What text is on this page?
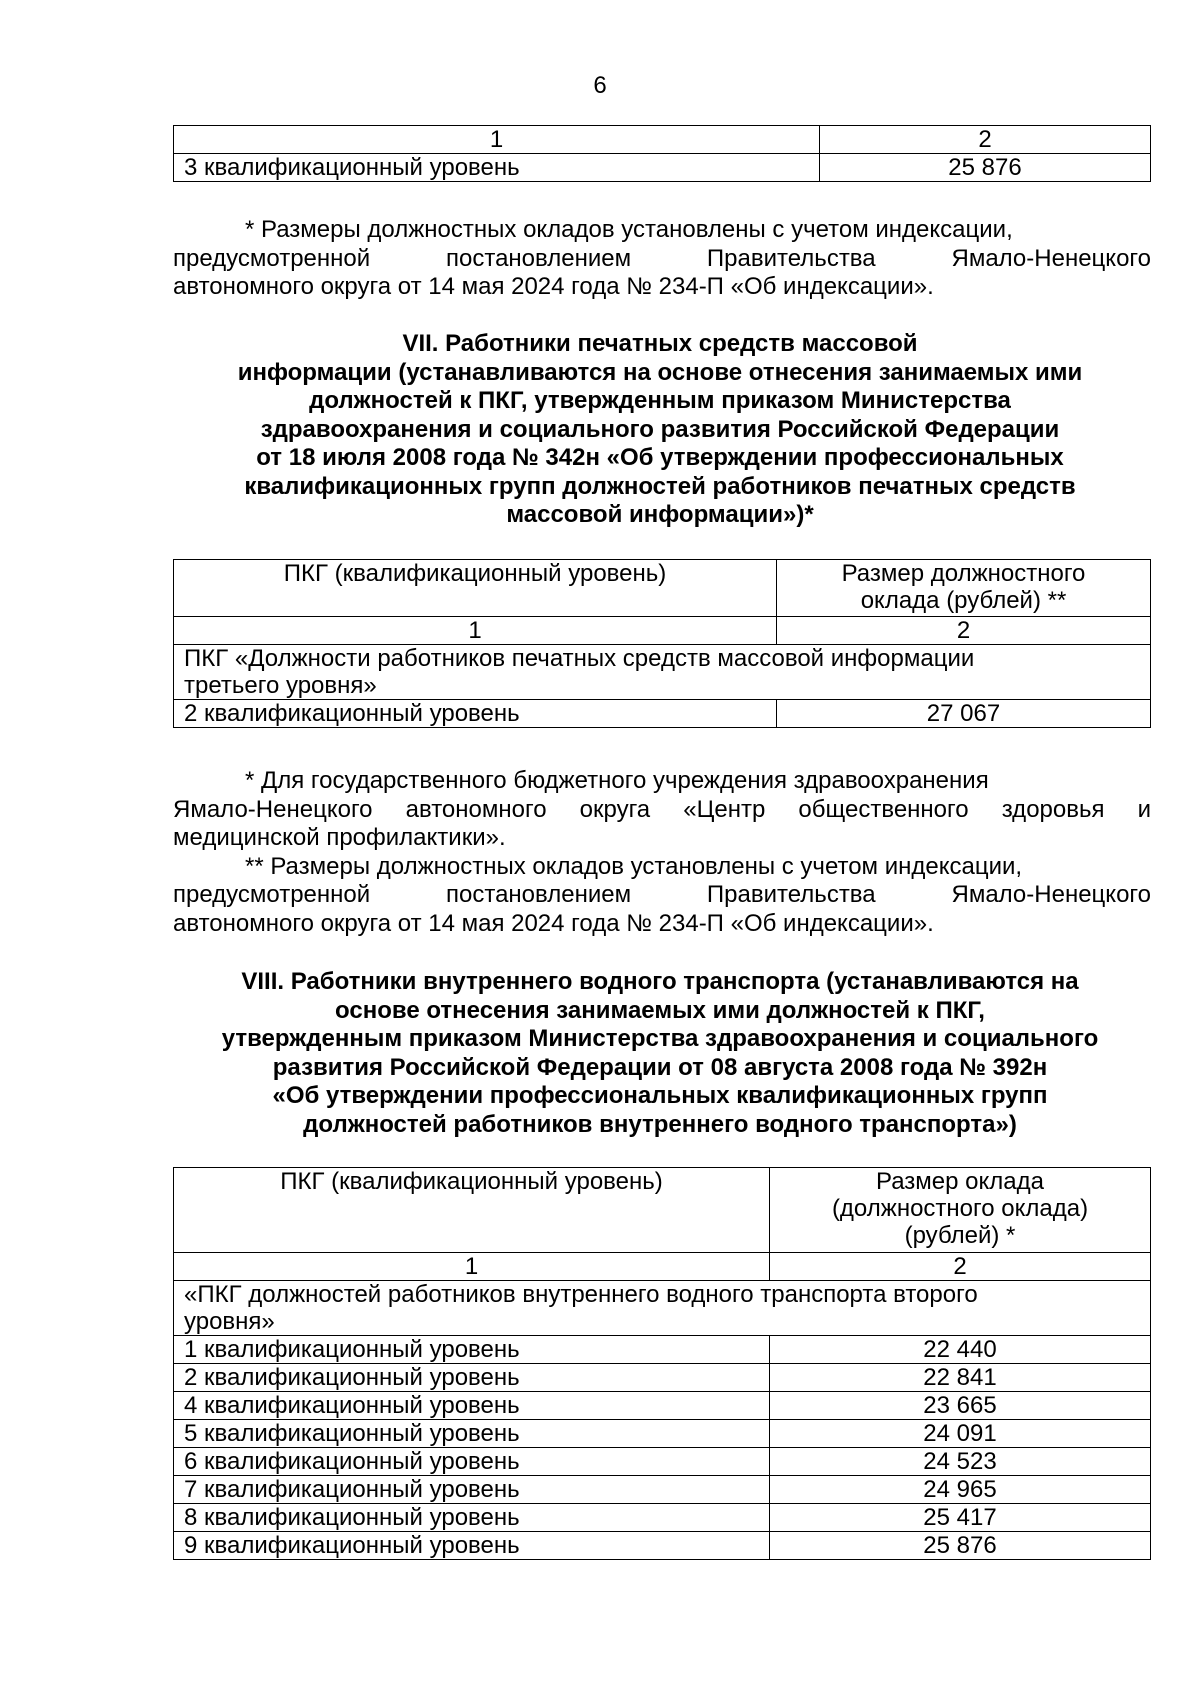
6
1	2
3 квалификационный уровень	25 876

* Размеры должностных окладов установлены с учетом индексации,

предусмотренной постановлением Правительства Ямало-Ненецкого

автономного округа от 14 мая 2024 года № 234-П «Об индексации».

VII. Работники печатных средств массовой
информации (устанавливаются на основе отнесения занимаемых ими
должностей к ПКГ, утвержденным приказом Министерства
здравоохранения и социального развития Российской Федерации
от 18 июля 2008 года № 342н «Об утверждении профессиональных
квалификационных групп должностей работников печатных средств
массовой информации»)*
ПКГ (квалификационный уровень)	Размер должностного
оклада (рублей) **

1	2

ПКГ «Должности работников печатных средств массовой информации
третьего уровня»	

2 квалификационный уровень	27 067

* Для государственного бюджетного учреждения здравоохранения

Ямало-Ненецкого автономного округа «Центр общественного здоровья и

медицинской профилактики».

** Размеры должностных окладов установлены с учетом индексации,

предусмотренной постановлением Правительства Ямало-Ненецкого

автономного округа от 14 мая 2024 года № 234-П «Об индексации».

VIII. Работники внутреннего водного транспорта (устанавливаются на
основе отнесения занимаемых ими должностей к ПКГ,
утвержденным приказом Министерства здравоохранения и социального
развития Российской Федерации от 08 августа 2008 года № 392н
«Об утверждении профессиональных квалификационных групп
должностей работников внутреннего водного транспорта»)
ПКГ (квалификационный уровень)	Размер оклада
(должностного оклада)
(рублей) *

1	2

«ПКГ должностей работников внутреннего водного транспорта второго
уровня»	

1 квалификационный уровень	22 440
2 квалификационный уровень	22 841
4 квалификационный уровень	23 665
5 квалификационный уровень	24 091
6 квалификационный уровень	24 523
7 квалификационный уровень	24 965
8 квалификационный уровень	25 417
9 квалификационный уровень	25 876
